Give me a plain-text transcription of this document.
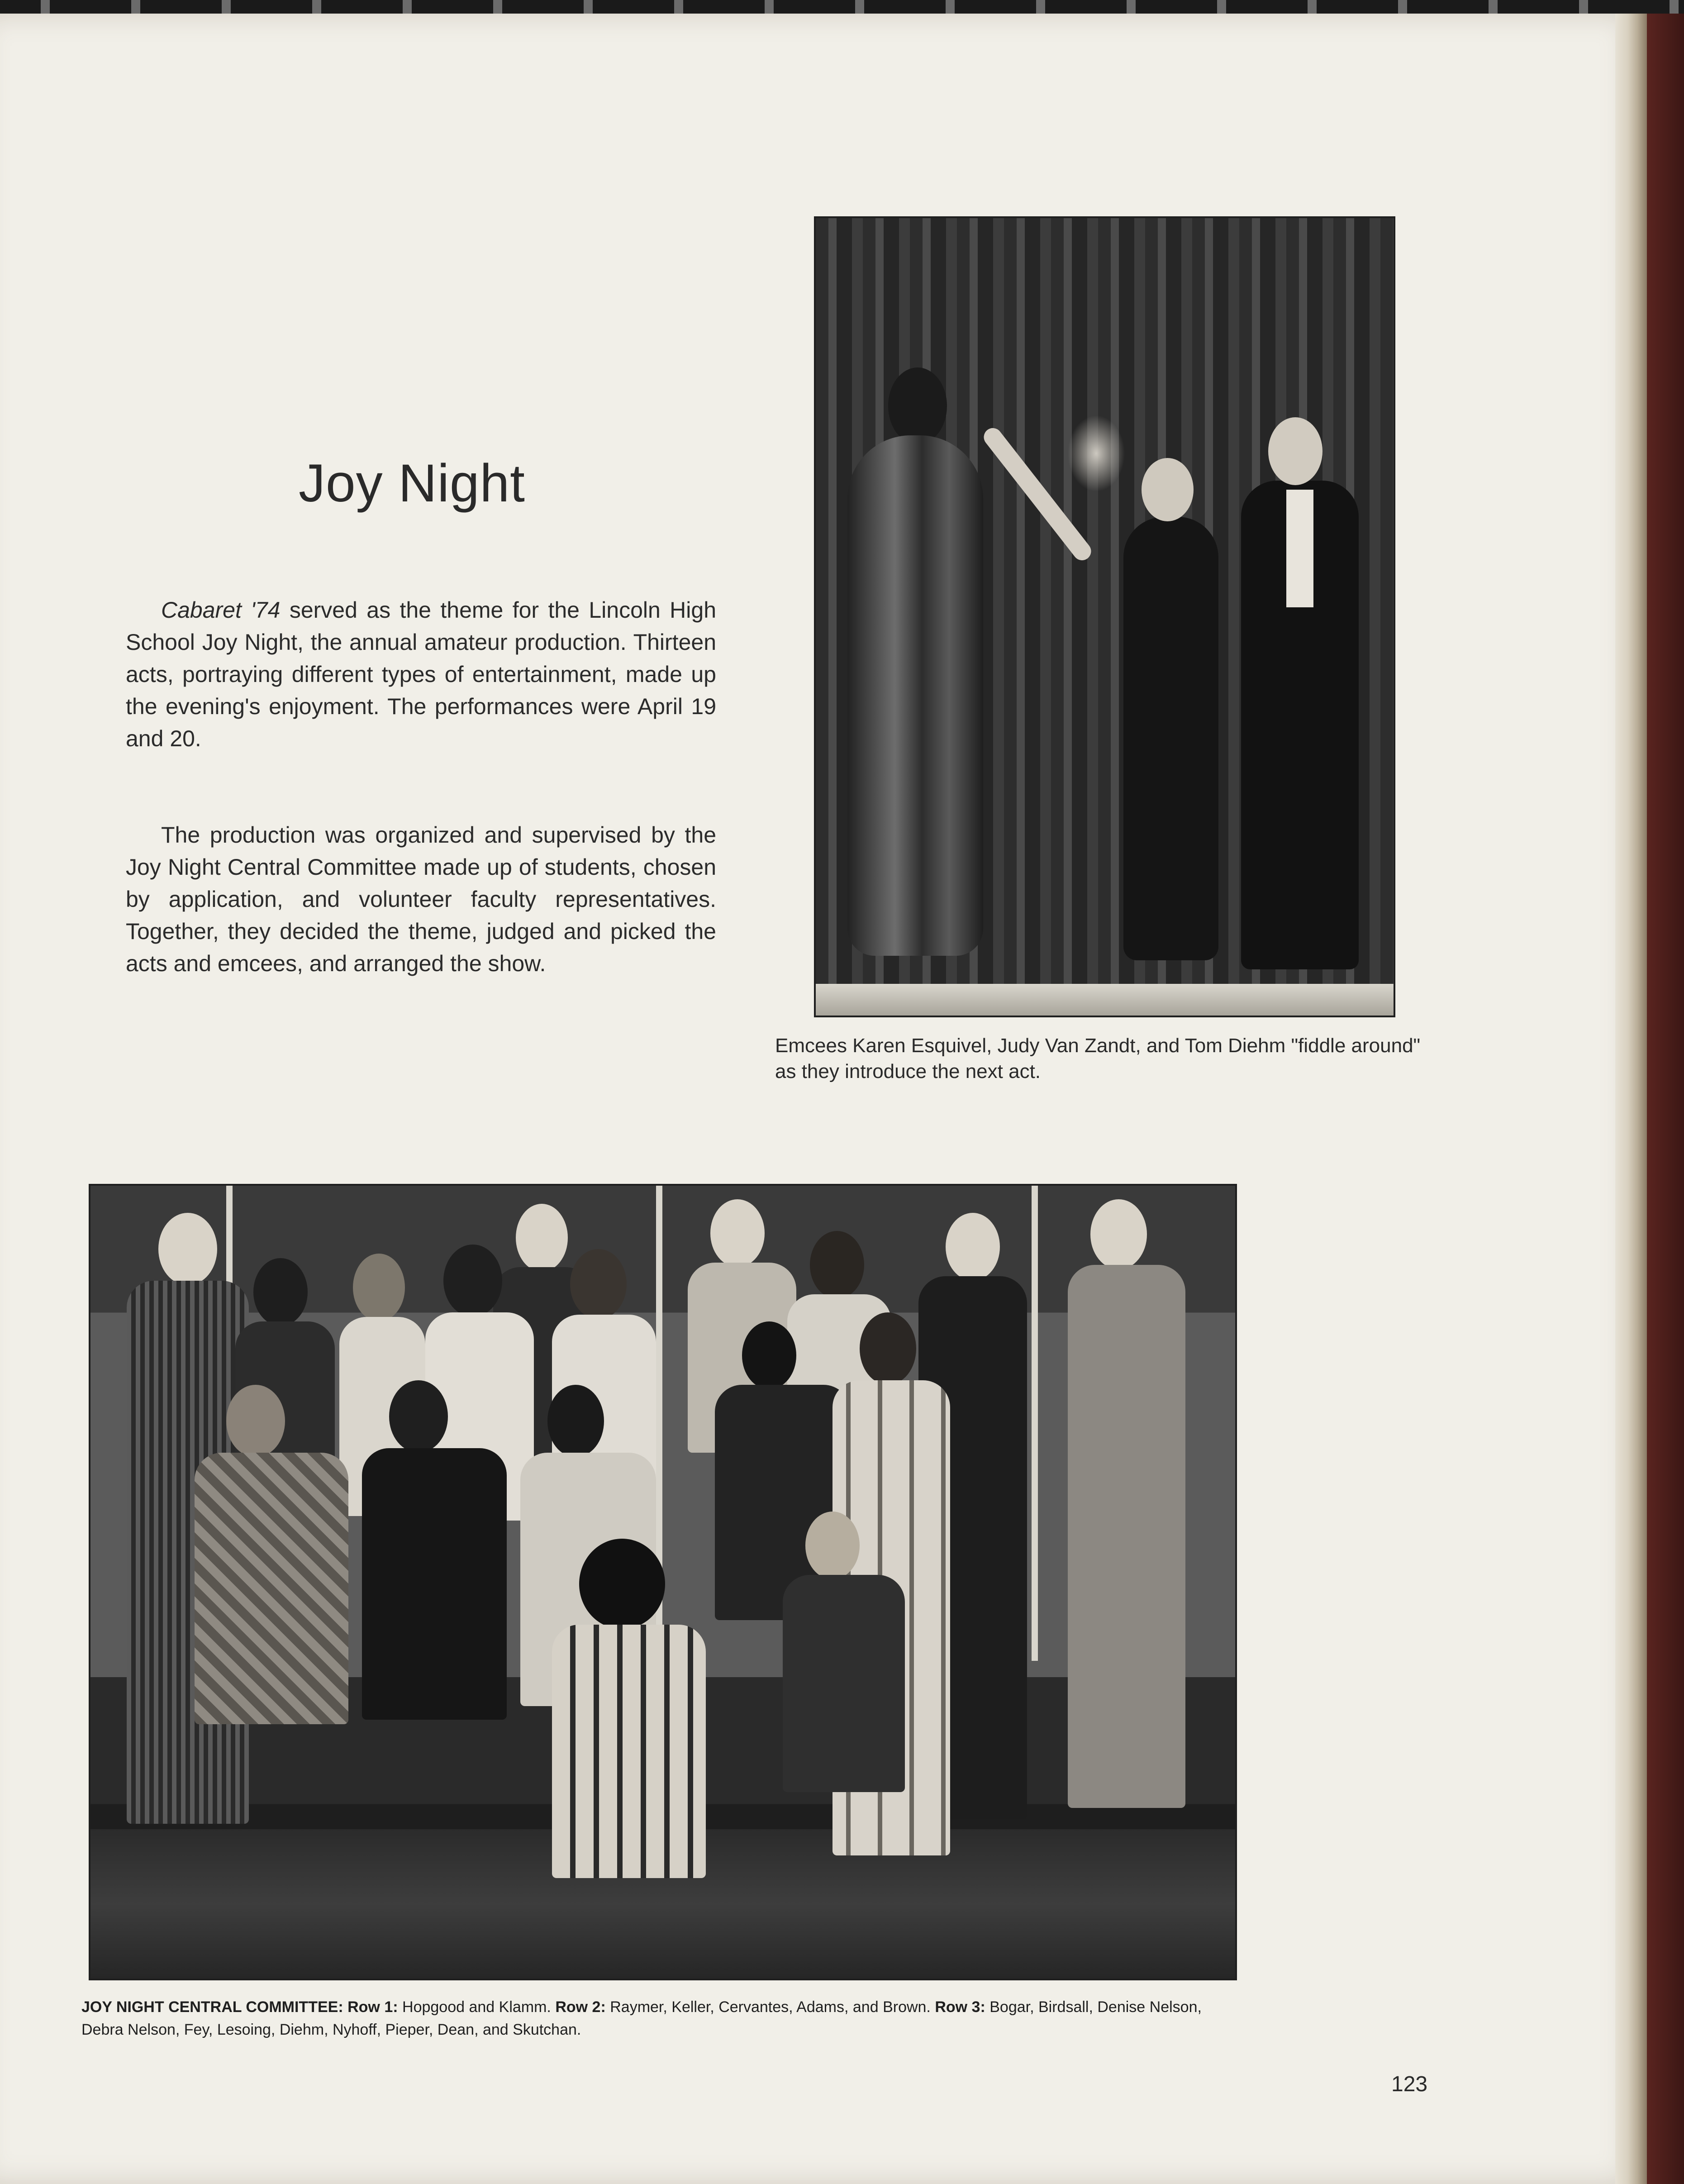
Joy Night

Cabaret '74 served as the theme for the Lincoln High School Joy Night, the annual amateur production. Thirteen acts, portraying different types of entertainment, made up the evening's enjoyment. The performances were April 19 and 20.

The production was organized and supervised by the Joy Night Central Committee made up of students, chosen by application, and volunteer faculty representatives. Together, they decided the theme, judged and picked the acts and emcees, and arranged the show.

Emcees Karen Esquivel, Judy Van Zandt, and Tom Diehm "fiddle around" as they introduce the next act.

JOY NIGHT CENTRAL COMMITTEE: Row 1: Hopgood and Klamm. Row 2: Raymer, Keller, Cervantes, Adams, and Brown. Row 3: Bogar, Birdsall, Denise Nelson, Debra Nelson, Fey, Lesoing, Diehm, Nyhoff, Pieper, Dean, and Skutchan.

123
